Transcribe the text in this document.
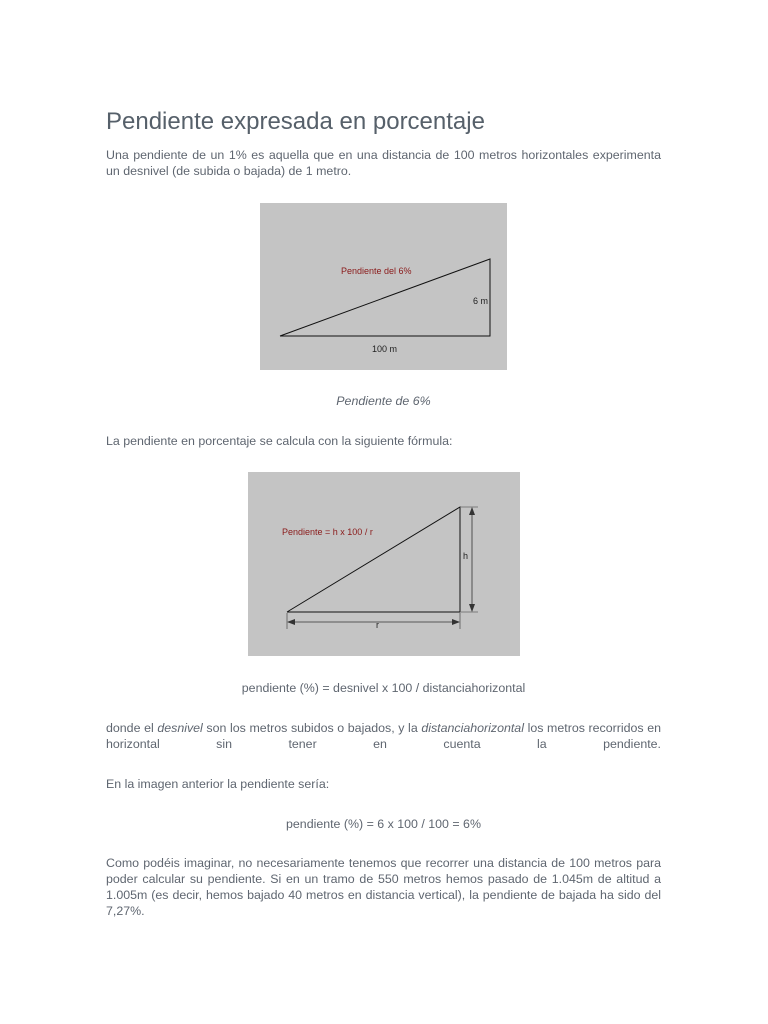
Pendiente expresada en porcentaje

Una pendiente de un 1% es aquella que en una distancia de 100 metros horizontales experimenta un desnivel (de subida o bajada) de 1 metro.

Pendiente del 6%
6 m
100 m

Pendiente de 6%

La pendiente en porcentaje se calcula con la siguiente fórmula:

Pendiente = h x 100 / r
h
r

pendiente (%) = desnivel x 100 / distanciahorizontal

donde el desnivel son los metros subidos o bajados, y la distanciahorizontal los metros recorridos en horizontal sin tener en cuenta la pendiente.

En la imagen anterior la pendiente sería:

pendiente (%) = 6 x 100 / 100 = 6%

Como podéis imaginar, no necesariamente tenemos que recorrer una distancia de 100 metros para poder calcular su pendiente. Si en un tramo de 550 metros hemos pasado de 1.045m de altitud a 1.005m (es decir, hemos bajado 40 metros en distancia vertical), la pendiente de bajada ha sido del 7,27%.
